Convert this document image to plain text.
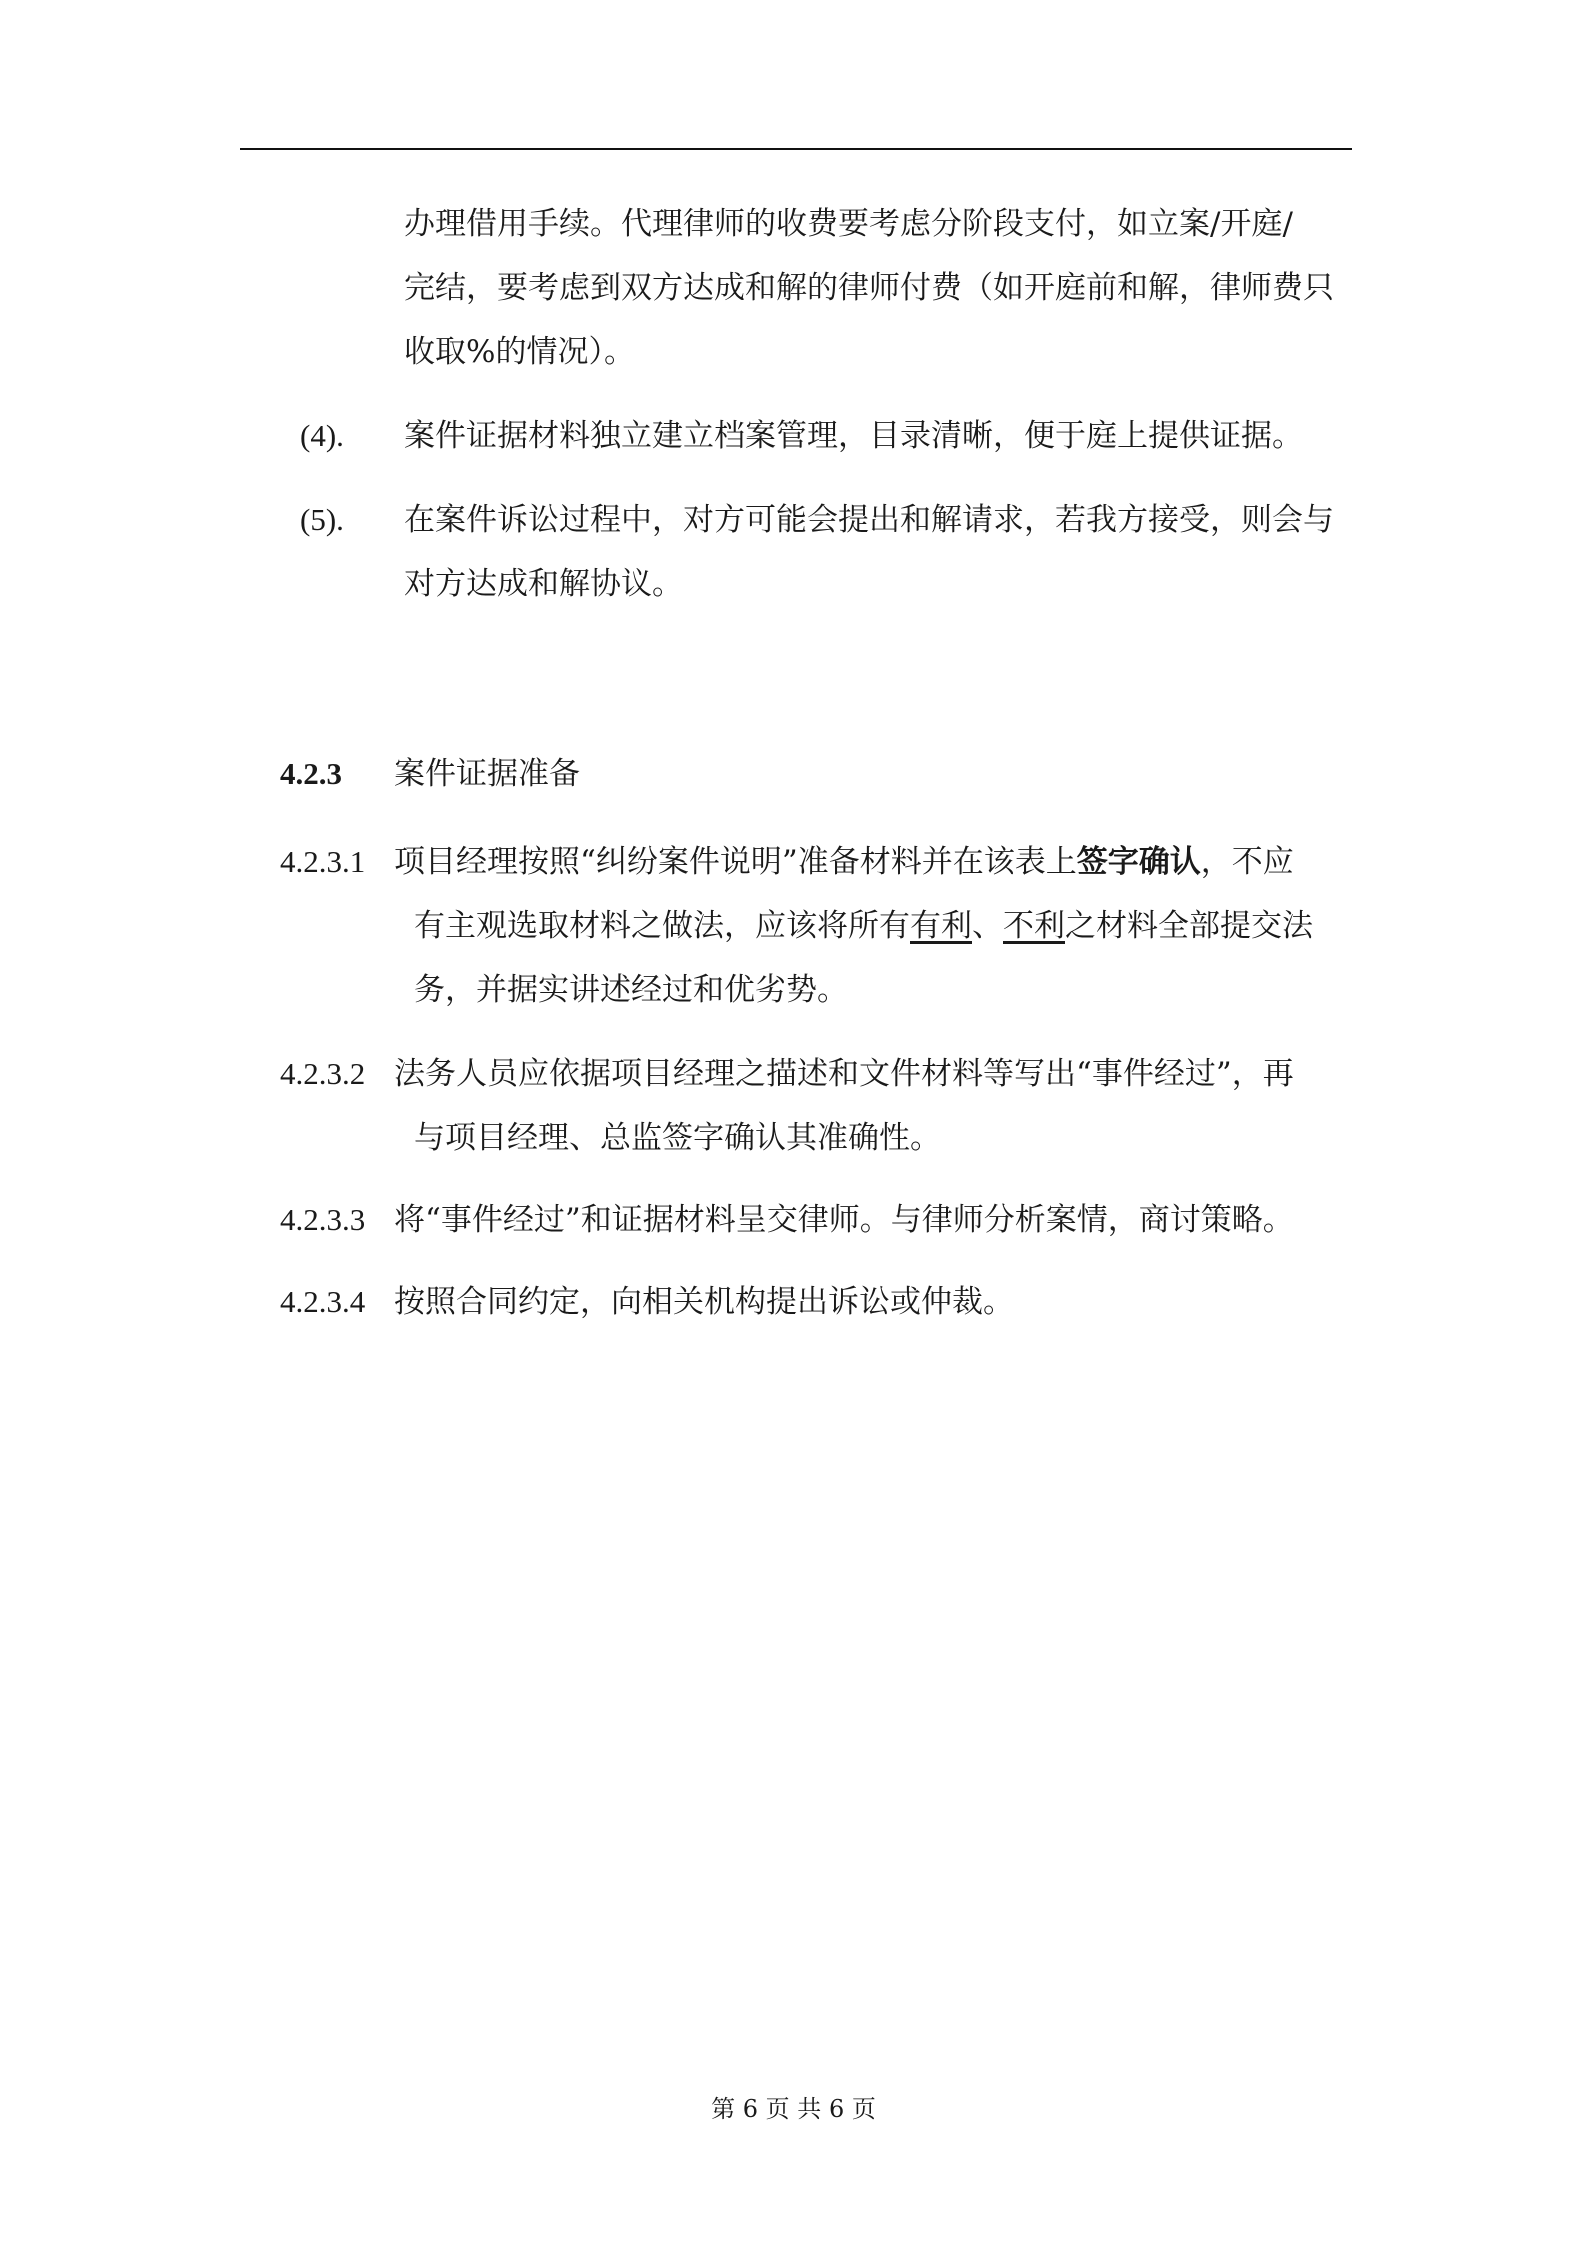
办理借用手续。代理律师的收费要考虑分阶段支付，如立案/开庭/
完结，要考虑到双方达成和解的律师付费（如开庭前和解，律师费只
收取%的情况）。
(4). 案件证据材料独立建立档案管理，目录清晰，便于庭上提供证据。
(5). 在案件诉讼过程中，对方可能会提出和解请求，若我方接受，则会与
对方达成和解协议。
4.2.3 案件证据准备
4.2.3.1 项目经理按照“纠纷案件说明”准备材料并在该表上签字确认，不应
有主观选取材料之做法，应该将所有有利、不利之材料全部提交法
务，并据实讲述经过和优劣势。
4.2.3.2 法务人员应依据项目经理之描述和文件材料等写出“事件经过”，再
与项目经理、总监签字确认其准确性。
4.2.3.3 将“事件经过”和证据材料呈交律师。与律师分析案情，商讨策略。
4.2.3.4 按照合同约定，向相关机构提出诉讼或仲裁。
第 6 页 共 6 页
